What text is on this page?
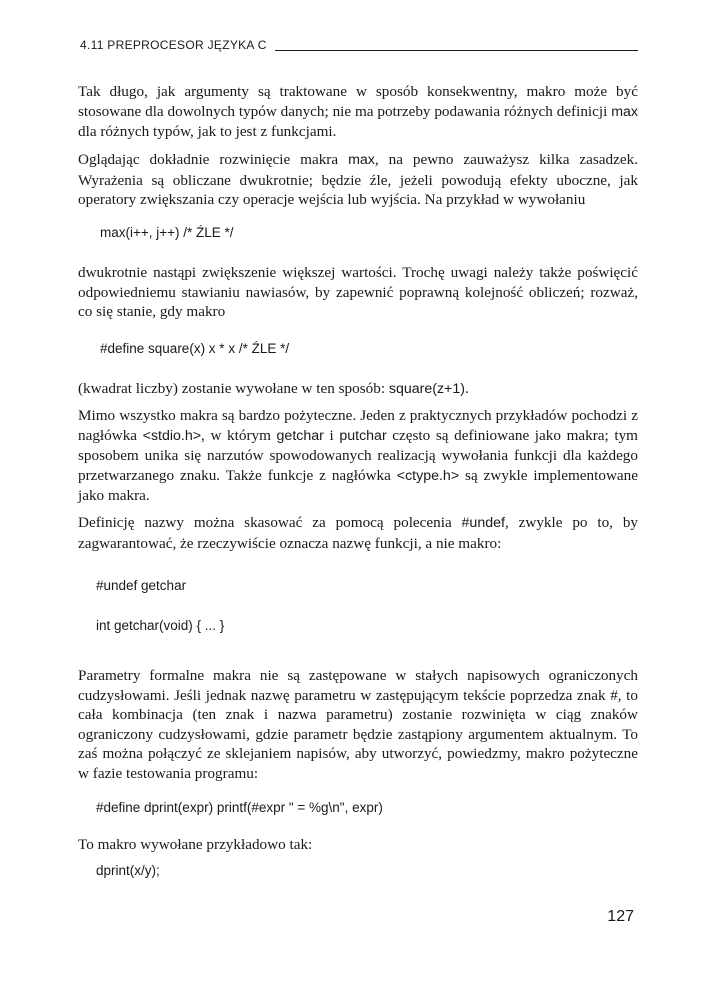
4.11 PREPROCESOR JĘZYKA C

Tak długo, jak argumenty są traktowane w sposób konsekwentny, makro może być stosowane dla dowolnych typów danych; nie ma potrzeby podawania różnych definicji max dla różnych typów, jak to jest z funkcjami.

Oglądając dokładnie rozwinięcie makra max, na pewno zauważysz kilka zasadzek. Wyrażenia są obliczane dwukrotnie; będzie źle, jeżeli powodują efekty uboczne, jak operatory zwiększania czy operacje wejścia lub wyjścia. Na przykład w wywołaniu

max(i++, j++) /* ŹLE */

dwukrotnie nastąpi zwiększenie większej wartości. Trochę uwagi należy także poświęcić odpowiedniemu stawianiu nawiasów, by zapewnić poprawną kolejność obliczeń; rozważ, co się stanie, gdy makro

#define square(x) x * x /* ŹLE */

(kwadrat liczby) zostanie wywołane w ten sposób: square(z+1).

Mimo wszystko makra są bardzo pożyteczne. Jeden z praktycznych przykładów pochodzi z nagłówka <stdio.h>, w którym getchar i putchar często są definiowane jako makra; tym sposobem unika się narzutów spowodowanych realizacją wywołania funkcji dla każdego przetwarzanego znaku. Także funkcje z nagłówka <ctype.h> są zwykle implementowane jako makra.

Definicję nazwy można skasować za pomocą polecenia #undef, zwykle po to, by zagwarantować, że rzeczywiście oznacza nazwę funkcji, a nie makro:

#undef getchar
int getchar(void) { ... }

Parametry formalne makra nie są zastępowane w stałych napisowych ograniczonych cudzysłowami. Jeśli jednak nazwę parametru w zastępującym tekście poprzedza znak #, to cała kombinacja (ten znak i nazwa parametru) zostanie rozwinięta w ciąg znaków ograniczony cudzysłowami, gdzie parametr będzie zastąpiony argumentem aktualnym. To zaś można połączyć ze sklejaniem napisów, aby utworzyć, powiedzmy, makro pożyteczne w fazie testowania programu:

#define dprint(expr) printf(#expr " = %g\n", expr)

To makro wywołane przykładowo tak:

dprint(x/y);
127
